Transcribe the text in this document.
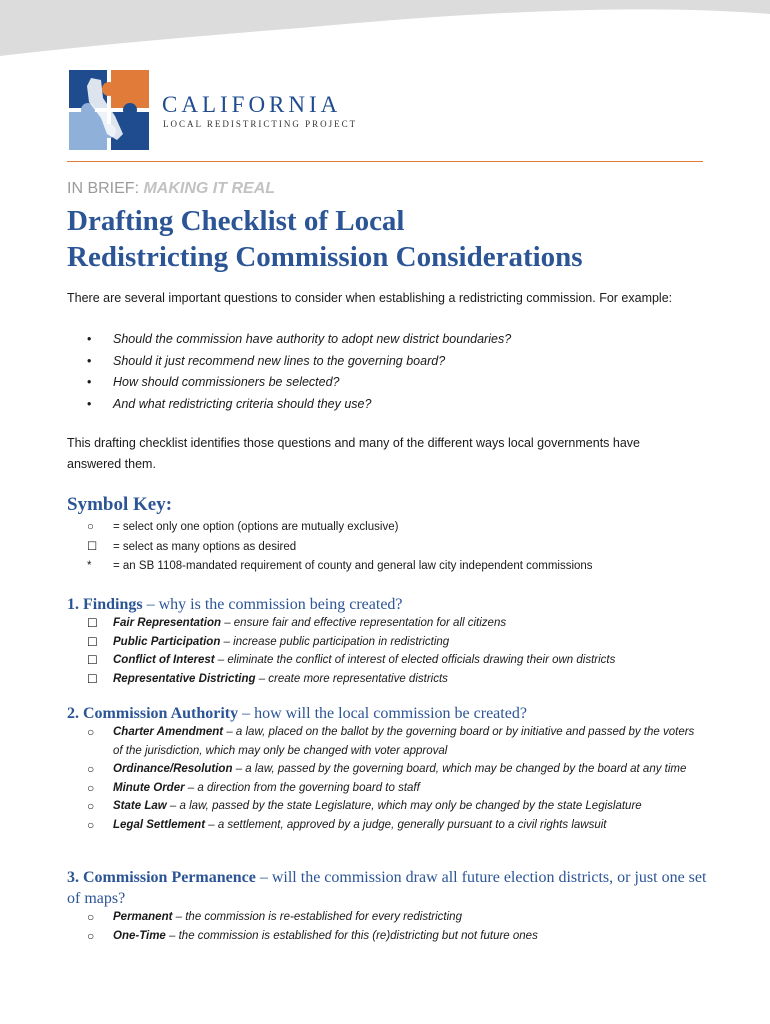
CALIFORNIA
LOCAL REDISTRICTING PROJECT
IN BRIEF: MAKING IT REAL
Drafting Checklist of Local
Redistricting Commission Considerations

There are several important questions to consider when establishing a redistricting commission. For example:

• Should the commission have authority to adopt new district boundaries?
• Should it just recommend new lines to the governing board?
• How should commissioners be selected?
• And what redistricting criteria should they use?

This drafting checklist identifies those questions and many of the different ways local governments have answered them.

Symbol Key:
○ = select only one option (options are mutually exclusive)
☐ = select as many options as desired
* = an SB 1108-mandated requirement of county and general law city independent commissions
1. Findings – why is the commission being created?
☐ Fair Representation – ensure fair and effective representation for all citizens
☐ Public Participation – increase public participation in redistricting
☐ Conflict of Interest – eliminate the conflict of interest of elected officials drawing their own districts
☐ Representative Districting – create more representative districts
2. Commission Authority – how will the local commission be created?
○ Charter Amendment – a law, placed on the ballot by the governing board or by initiative and passed by the voters of the jurisdiction, which may only be changed with voter approval
○ Ordinance/Resolution – a law, passed by the governing board, which may be changed by the board at any time
○ Minute Order – a direction from the governing board to staff
○ State Law – a law, passed by the state Legislature, which may only be changed by the state Legislature
○ Legal Settlement – a settlement, approved by a judge, generally pursuant to a civil rights lawsuit
3. Commission Permanence – will the commission draw all future election districts, or just one set of maps?
○ Permanent – the commission is re-established for every redistricting
○ One-Time – the commission is established for this (re)districting but not future ones
